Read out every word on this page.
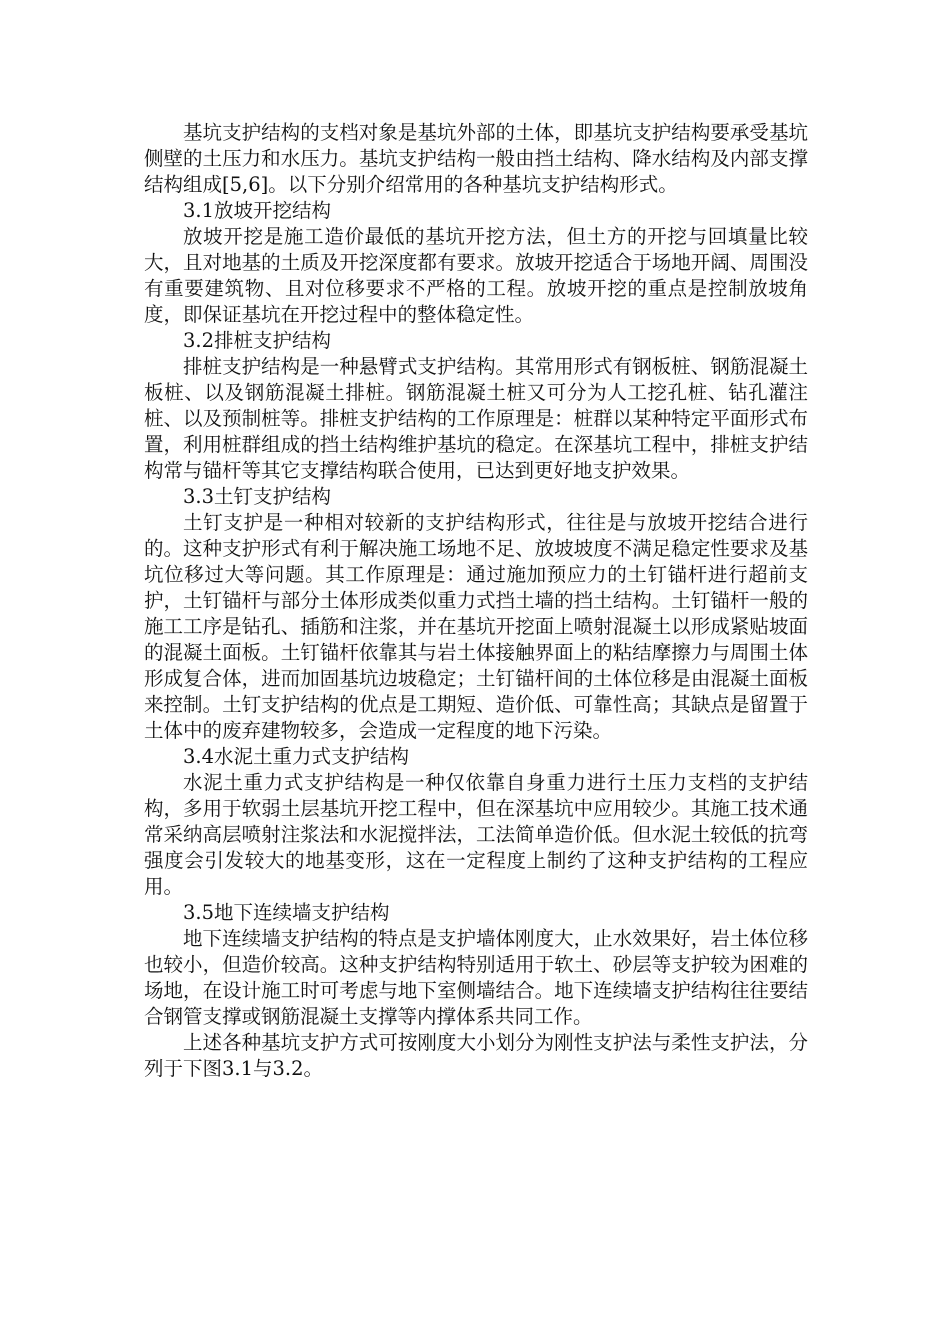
基坑支护结构的支档对象是基坑外部的土体，即基坑支护结构要承受基坑侧壁的土压力和水压力。基坑支护结构一般由挡土结构、降水结构及内部支撑结构组成[5,6]。以下分别介绍常用的各种基坑支护结构形式。

3.1放坡开挖结构

放坡开挖是施工造价最低的基坑开挖方法，但土方的开挖与回填量比较大，且对地基的土质及开挖深度都有要求。放坡开挖适合于场地开阔、周围没有重要建筑物、且对位移要求不严格的工程。放坡开挖的重点是控制放坡角度，即保证基坑在开挖过程中的整体稳定性。

3.2排桩支护结构

排桩支护结构是一种悬臂式支护结构。其常用形式有钢板桩、钢筋混凝土板桩、以及钢筋混凝土排桩。钢筋混凝土桩又可分为人工挖孔桩、钻孔灌注桩、以及预制桩等。排桩支护结构的工作原理是：桩群以某种特定平面形式布置，利用桩群组成的挡土结构维护基坑的稳定。在深基坑工程中，排桩支护结构常与锚杆等其它支撑结构联合使用，已达到更好地支护效果。

3.3土钉支护结构

土钉支护是一种相对较新的支护结构形式，往往是与放坡开挖结合进行的。这种支护形式有利于解决施工场地不足、放坡坡度不满足稳定性要求及基坑位移过大等问题。其工作原理是：通过施加预应力的土钉锚杆进行超前支护，土钉锚杆与部分土体形成类似重力式挡土墙的挡土结构。土钉锚杆一般的施工工序是钻孔、插筋和注浆，并在基坑开挖面上喷射混凝土以形成紧贴坡面的混凝土面板。土钉锚杆依靠其与岩土体接触界面上的粘结摩擦力与周围土体形成复合体，进而加固基坑边坡稳定；土钉锚杆间的土体位移是由混凝土面板来控制。土钉支护结构的优点是工期短、造价低、可靠性高；其缺点是留置于土体中的废弃建物较多，会造成一定程度的地下污染。

3.4水泥土重力式支护结构

水泥土重力式支护结构是一种仅依靠自身重力进行土压力支档的支护结构，多用于软弱土层基坑开挖工程中，但在深基坑中应用较少。其施工技术通常采纳高层喷射注浆法和水泥搅拌法，工法简单造价低。但水泥土较低的抗弯强度会引发较大的地基变形，这在一定程度上制约了这种支护结构的工程应用。

3.5地下连续墙支护结构

地下连续墙支护结构的特点是支护墙体刚度大，止水效果好，岩土体位移也较小，但造价较高。这种支护结构特别适用于软土、砂层等支护较为困难的场地，在设计施工时可考虑与地下室侧墙结合。地下连续墙支护结构往往要结合钢管支撑或钢筋混凝土支撑等内撑体系共同工作。

上述各种基坑支护方式可按刚度大小划分为刚性支护法与柔性支护法，分列于下图3.1与3.2。
